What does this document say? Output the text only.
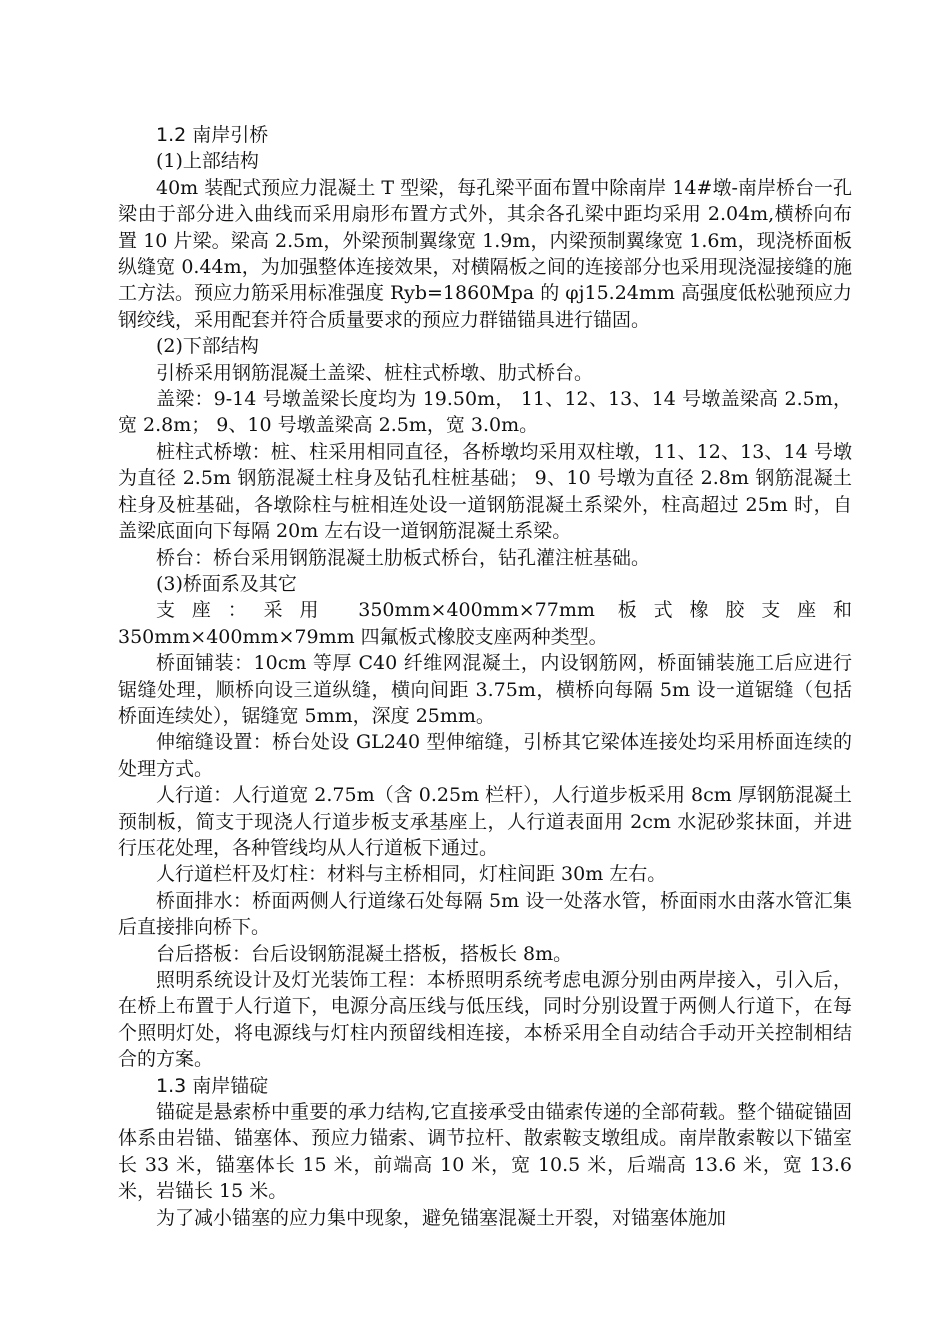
1.2 南岸引桥
(1)上部结构

40m 装配式预应力混凝土 T 型梁，每孔梁平面布置中除南岸 14#墩-南岸桥台一孔梁由于部分进入曲线而采用扇形布置方式外，其余各孔梁中距均采用 2.04m,横桥向布置 10 片梁。梁高 2.5m，外梁预制翼缘宽 1.9m，内梁预制翼缘宽 1.6m，现浇桥面板纵缝宽 0.44m，为加强整体连接效果，对横隔板之间的连接部分也采用现浇湿接缝的施工方法。预应力筋采用标准强度 Ryb=1860Mpa 的 φj15.24mm 高强度低松驰预应力钢绞线，采用配套并符合质量要求的预应力群锚锚具进行锚固。

(2)下部结构

引桥采用钢筋混凝土盖梁、桩柱式桥墩、肋式桥台。

盖梁：9-14 号墩盖梁长度均为 19.50m， 11、12、13、14 号墩盖梁高 2.5m，宽 2.8m； 9、10 号墩盖梁高 2.5m，宽 3.0m。

桩柱式桥墩：桩、柱采用相同直径，各桥墩均采用双柱墩，11、12、13、14 号墩为直径 2.5m 钢筋混凝土柱身及钻孔柱桩基础； 9、10 号墩为直径 2.8m 钢筋混凝土柱身及桩基础，各墩除柱与桩相连处设一道钢筋混凝土系梁外，柱高超过 25m 时，自盖梁底面向下每隔 20m 左右设一道钢筋混凝土系梁。

桥台：桥台采用钢筋混凝土肋板式桥台，钻孔灌注桩基础。

(3)桥面系及其它

支座：采用 350mm×400mm×77mm 板式橡胶支座和 350mm×400mm×79mm 四氟板式橡胶支座两种类型。

桥面铺装：10cm 等厚 C40 纤维网混凝土，内设钢筋网，桥面铺装施工后应进行锯缝处理，顺桥向设三道纵缝，横向间距 3.75m，横桥向每隔 5m 设一道锯缝（包括桥面连续处），锯缝宽 5mm，深度 25mm。

伸缩缝设置：桥台处设 GL240 型伸缩缝，引桥其它梁体连接处均采用桥面连续的处理方式。

人行道：人行道宽 2.75m（含 0.25m 栏杆），人行道步板采用 8cm 厚钢筋混凝土预制板，简支于现浇人行道步板支承基座上，人行道表面用 2cm 水泥砂浆抹面，并进行压花处理，各种管线均从人行道板下通过。

人行道栏杆及灯柱：材料与主桥相同，灯柱间距 30m 左右。

桥面排水：桥面两侧人行道缘石处每隔 5m 设一处落水管，桥面雨水由落水管汇集后直接排向桥下。

台后搭板：台后设钢筋混凝土搭板，搭板长 8m。

照明系统设计及灯光装饰工程：本桥照明系统考虑电源分别由两岸接入，引入后，在桥上布置于人行道下，电源分高压线与低压线，同时分别设置于两侧人行道下，在每个照明灯处，将电源线与灯柱内预留线相连接，本桥采用全自动结合手动开关控制相结合的方案。

1.3 南岸锚碇

锚碇是悬索桥中重要的承力结构,它直接承受由锚索传递的全部荷载。整个锚碇锚固体系由岩锚、锚塞体、预应力锚索、调节拉杆、散索鞍支墩组成。南岸散索鞍以下锚室长 33 米，锚塞体长 15 米，前端高 10 米，宽 10.5 米，后端高 13.6 米，宽 13.6 米，岩锚长 15 米。

为了减小锚塞的应力集中现象，避免锚塞混凝土开裂，对锚塞体施加
